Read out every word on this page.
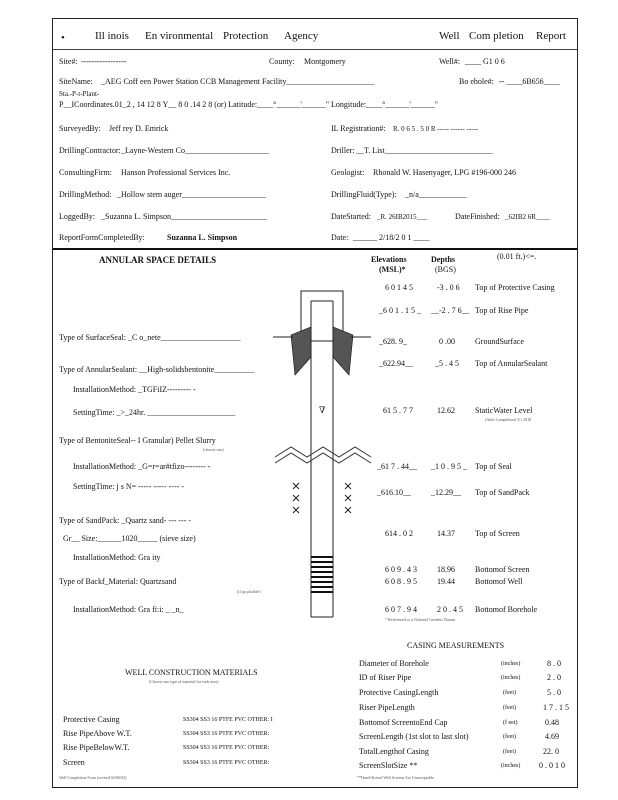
•	Ill inois En vironmental Protection Agency	Well Com pletion Report
Site#: -----------------	County: Montgomery	Well#: ____ G1 0 6
SiteName: _AEG Coff een Power Station CCB Management Facility______________________	Bo ehole#: -- ____6B656____
Sta.-P-t-Plant-
P__ICoordinates.01_2 , 14 12 8 Y__ 8 0 .14 2 8 (or) Latitude:____°______'______" Longitude:____°______'______"
SurveyedBy: Jeff rey D. Emrick	IL Registration#: R. 0 6 5 . 5 0 R ----- ------ -----
DrillingContractor: _Layne-Western Co_____________________	Driller: __T. List___________________________
ConsultingFirm: Hanson Professional Services Inc.	Geologist: Rhonald W. Hasenyager, LPG #196-000 246
DrillingMethod: _Hollow stem auger_____________________	DrillingFluid(Type): _n/a____________
LoggedBy: _Suzanna L. Simpson________________________	DateStarted: _R. 26IB2015___	DateFinished: _62IB2 6R____
ReportFormCompletedBy:	Suzanna L. Simpson	Date: ______ 2/18/2 0 1 ____
ANNULAR SPACE DETAILS	Elevations
(MSL)*
Depths
(BGS)
(0.01 ft.)<=.
6 0 1 4 5	-3 . 0 6 Top of Protective Casing
_6 0 1 . 1 5 _ __-2 . 7 6__ Top of Rise Pipe
_628. 9_	0 .00	GroundSurface
_622.94__	_5 . 4 5 Top of AnnularSealant
61 5 . 7 7	12.62	StaticWater Level
(After Completion) 3/1 2018
_61 7 . 44__ _1 0 . 9 5 _ Top of Seal
_616.10__	_12.29__ Top of SandPack
614 . 0 2	14.37	Top of Screen
6 0 9 . 4 3	18.96	Bottomof Screen
6 0 8 . 9 5	19.44	Bottomof Well
6 0 7 . 9 4	2 0 . 4 5 Bottomof Borehole
* Referenced to a National Geodetic Datum
Type of SurfaceSeal: _C o_nete____________________
Type of AnnularSealant: __High-solidsbentonite__________
InstallationMethod: _TGFiIZ--------- -
SettingTime: _>_24hr. ______________________
Type of BentoniteSeal-- I Granular) Pellet Slurry
(choose one)
InstallationMethod: _G=r=ar#tfizo-------- -
SettingTime: j s N= ----- ----- ---- -
Type of SandPack: _Quartz sand- --- --- -
Gr__ Size:______1020_____ (sieve size)
InstallationMethod: Gra ity
Type of Backf_Material: Quartzsand
(if ap plicable)
InstallationMethod: Gra fi:i: _ _n_
∇
CASING MEASUREMENTS
Diameter of Borehole	(inches)	8 . 0
ID of Riser Pipe	(inches)	2 . 0
Protective CasingLength	(feet)	5 . 0
Riser PipeLength	(feet)	1 7 . 1 5
Bottomof ScreentoEnd Cap	(f eet)	0.48
ScreenLength (1st slot to last slot)	(feet)	4.69
TotalLengthof Casing	(feet)	22. 0
ScreenSlotSize **	(inches) 0 . 0 1 0
WELL CONSTRUCTION MATERIALS
(Choose one type of material for each area)
Protective Casing	SS304 SS3 16 PTFE PVC OTHER: I
Rise PipeAbove W.T.	SS304 SS3 16 PTFE PVC OTHER:
Rise PipeBelowW.T.	SS304 SS3 16 PTFE PVC OTHER:
Screen	SS304 SS3 16 PTFE PVC OTHER:
Well Completion Form (revised 02/06/02)	**Hand-Slotted Well Screens Are Unacceptable
